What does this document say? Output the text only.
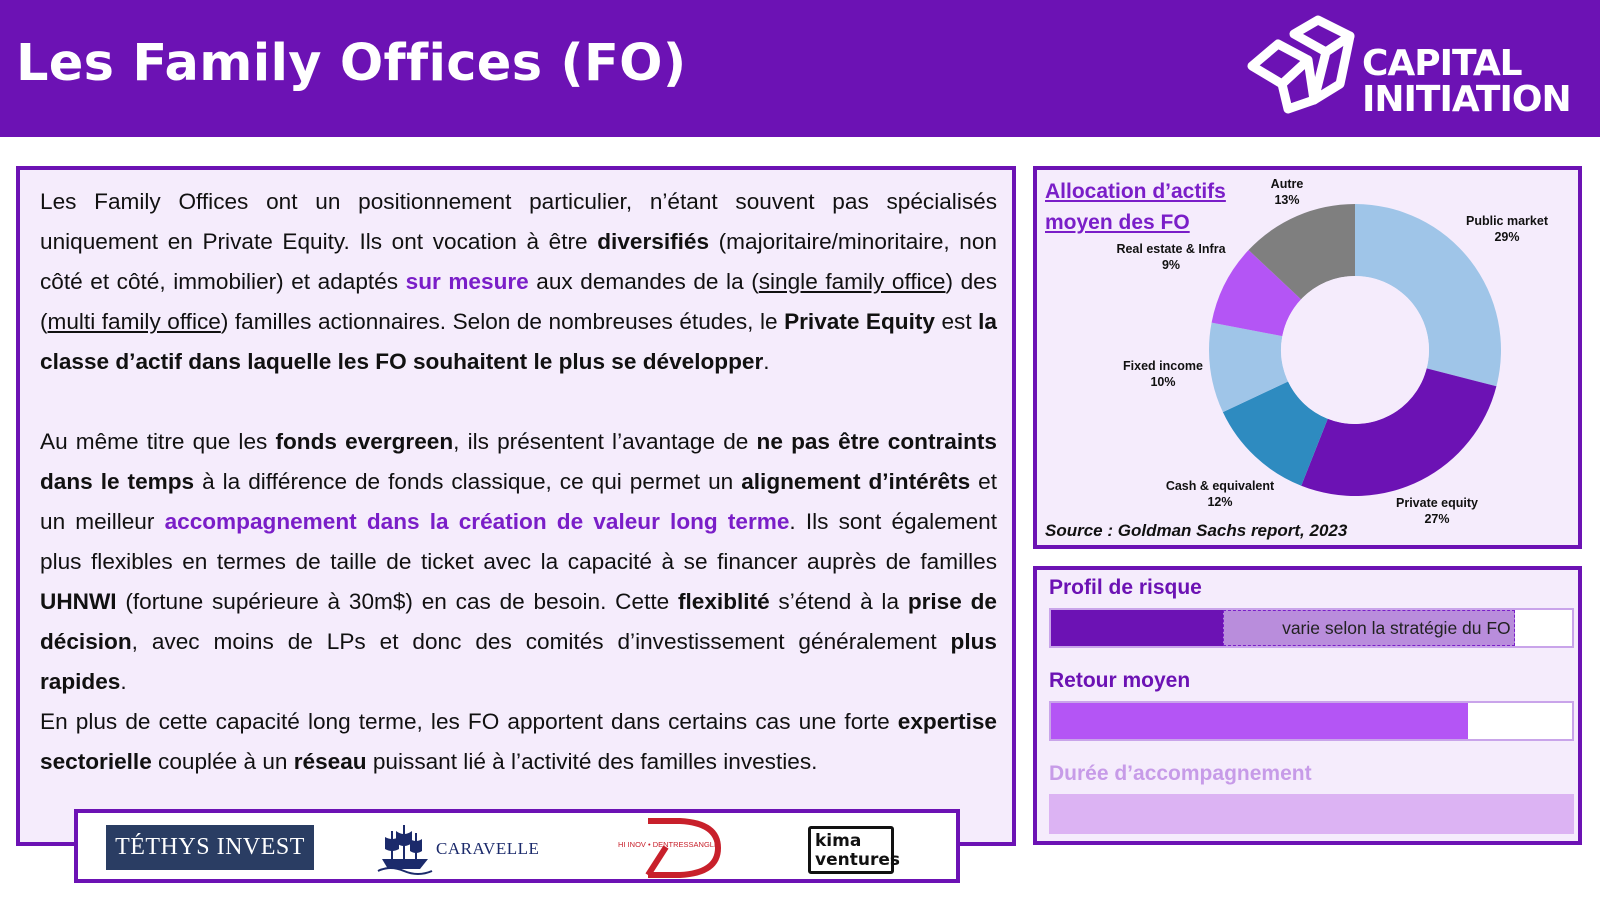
Les Family Offices (FO)	CAPITAL
INITIATION

Les Family Offices ont un positionnement particulier, n’étant souvent pas spécialisés uniquement en Private Equity. Ils ont vocation à être diversifiés (majoritaire/minoritaire, non côté et côté, immobilier) et adaptés sur mesure aux demandes de la (single family office) des (multi family office) familles actionnaires. Selon de nombreuses études, le Private Equity est la classe d’actif dans laquelle les FO souhaitent le plus se développer.

Au même titre que les fonds evergreen, ils présentent l’avantage de ne pas être contraints dans le temps à la différence de fonds classique, ce qui permet un alignement d’intérêts et un meilleur accompagnement dans la création de valeur long terme. Ils sont également plus flexibles en termes de taille de ticket avec la capacité à se financer auprès de familles UHNWI (fortune supérieure à 30m$) en cas de besoin. Cette flexiblité s’étend à la prise de décision, avec moins de LPs et donc des comités d’investissement généralement plus rapides.

En plus de cette capacité long terme, les FO apportent dans certains cas une forte expertise sectorielle couplée à un réseau puissant lié à l’activité des familles investies.

TÉTHYS INVEST	CARAVELLE	HI INOV • DENTRESSANGLE	kima
ventures
Public market
29%
Private equity
27%
Cash & equivalent
12%
Fixed income
10%
Real estate & Infra
9%
Autre
13%
Allocation d’actifs moyen des FO
Source : Goldman Sachs report, 2023
Profil de risque
varie selon la stratégie du FO
Retour moyen
Durée d’accompagnement
